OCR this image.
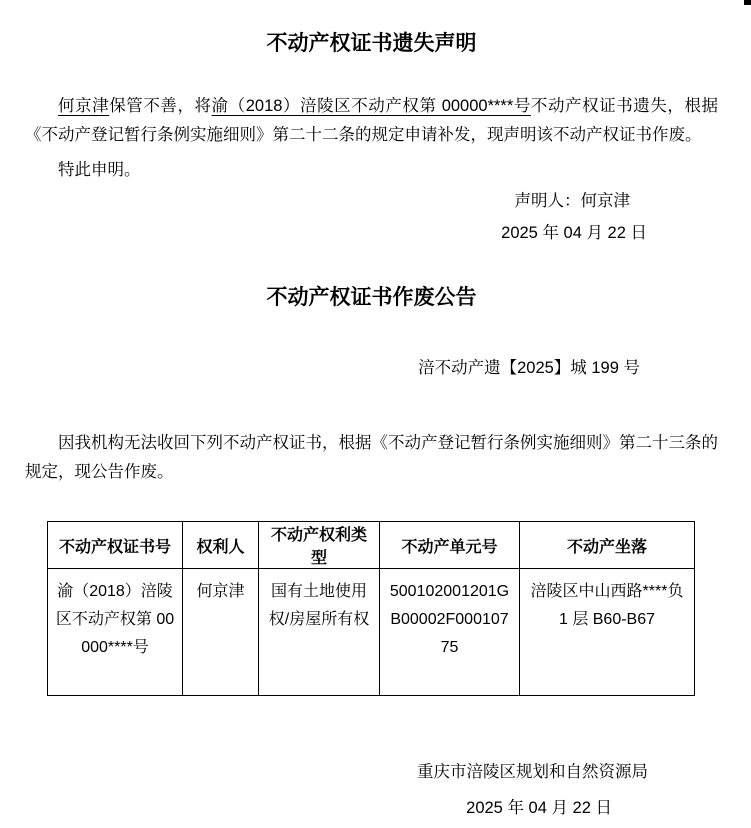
不动产权证书遗失声明

何京津保管不善，将渝（2018）涪陵区不动产权第 00000****号不动产权证书遗失，根据《不动产登记暂行条例实施细则》第二十二条的规定申请补发，现声明该不动产权证书作废。

特此申明。

声明人：何京津
2025 年 04 月 22 日
不动产权证书作废公告
涪不动产遗【2025】城 199 号

因我机构无法收回下列不动产权证书，根据《不动产登记暂行条例实施细则》第二十三条的规定，现公告作废。

不动产权证书号	权利人	不动产权利类型	不动产单元号	不动产坐落
渝（2018）涪陵区不动产权第 00000****号	何京津	国有土地使用权/房屋所有权	500102001201GB00002F00010775	涪陵区中山西路****负 1 层 B60-B67
重庆市涪陵区规划和自然资源局
2025 年 04 月 22 日
